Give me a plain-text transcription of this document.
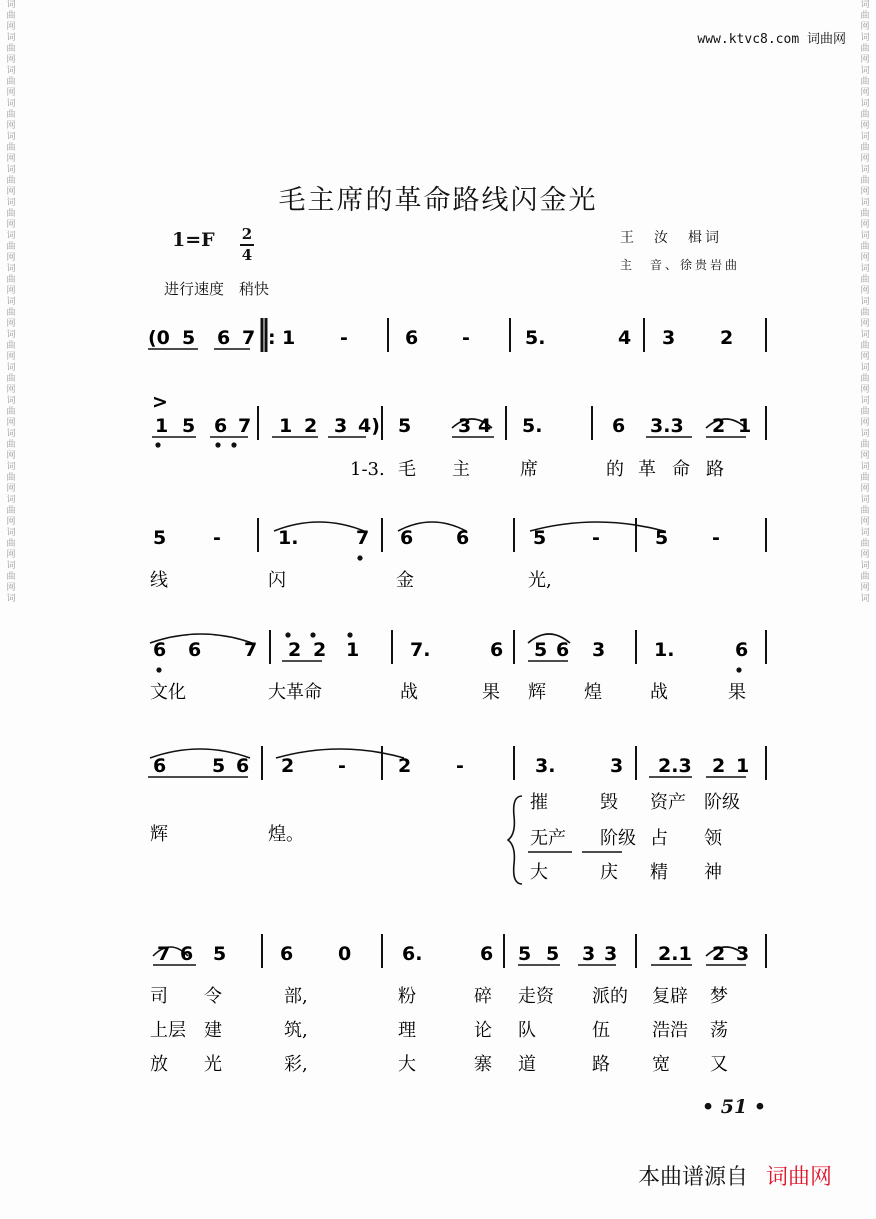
词
曲
网
词
曲
网
词
曲
网
词
曲
网
词
曲
网
词
曲
网
词
曲
网
词
曲
网
词
曲
网
词
曲
网
词
曲
网
词
曲
网
词
曲
网
词
曲
网
词
曲
网
词
曲
网
词
曲
网
词
曲
网
词
词
曲
网
词
曲
网
词
曲
网
词
曲
网
词
曲
网
词
曲
网
词
曲
网
词
曲
网
词
曲
网
词
曲
网
词
曲
网
词
曲
网
词
曲
网
词
曲
网
词
曲
网
词
曲
网
词
曲
网
词
曲
网
词
www.ktvc8.com 词曲网
毛主席的革命路线闪金光
1=F 2
4
王　汝　楫词
主　音、徐贵岩曲
进行速度　稍快
(0 5 6 7 1 -	6 -	5.	4 3 2
1 5 6 7 1 2 3 4) 5 3 4 5.	6 3.3 2 1
5 -	1.	7 6 6	5 -	5 -
6 6 7 2 2 1	7.	6 5 6 3	1.	6
6 5 6 2 -	2 -	3.	3 2.3 2 1
7 6 5	6 0	6.	6 5 5 3 3 2.1 2 3
:
>
1-3. 毛 主	席	的 革 命 路
线	闪	金	光,
文化	大革命	战	果 辉 煌	战	果
辉	煌。
摧	毁 资产 阶级
无产 阶级 占 领
大	庆 精 神
司 令	部,	粉	碎 走资 派的 复辟 梦
上层 建	筑,	理	论 队	伍 浩浩 荡
放 光	彩,	大	寨 道	路 宽 又
• 51 •
本曲谱源自 词曲网
